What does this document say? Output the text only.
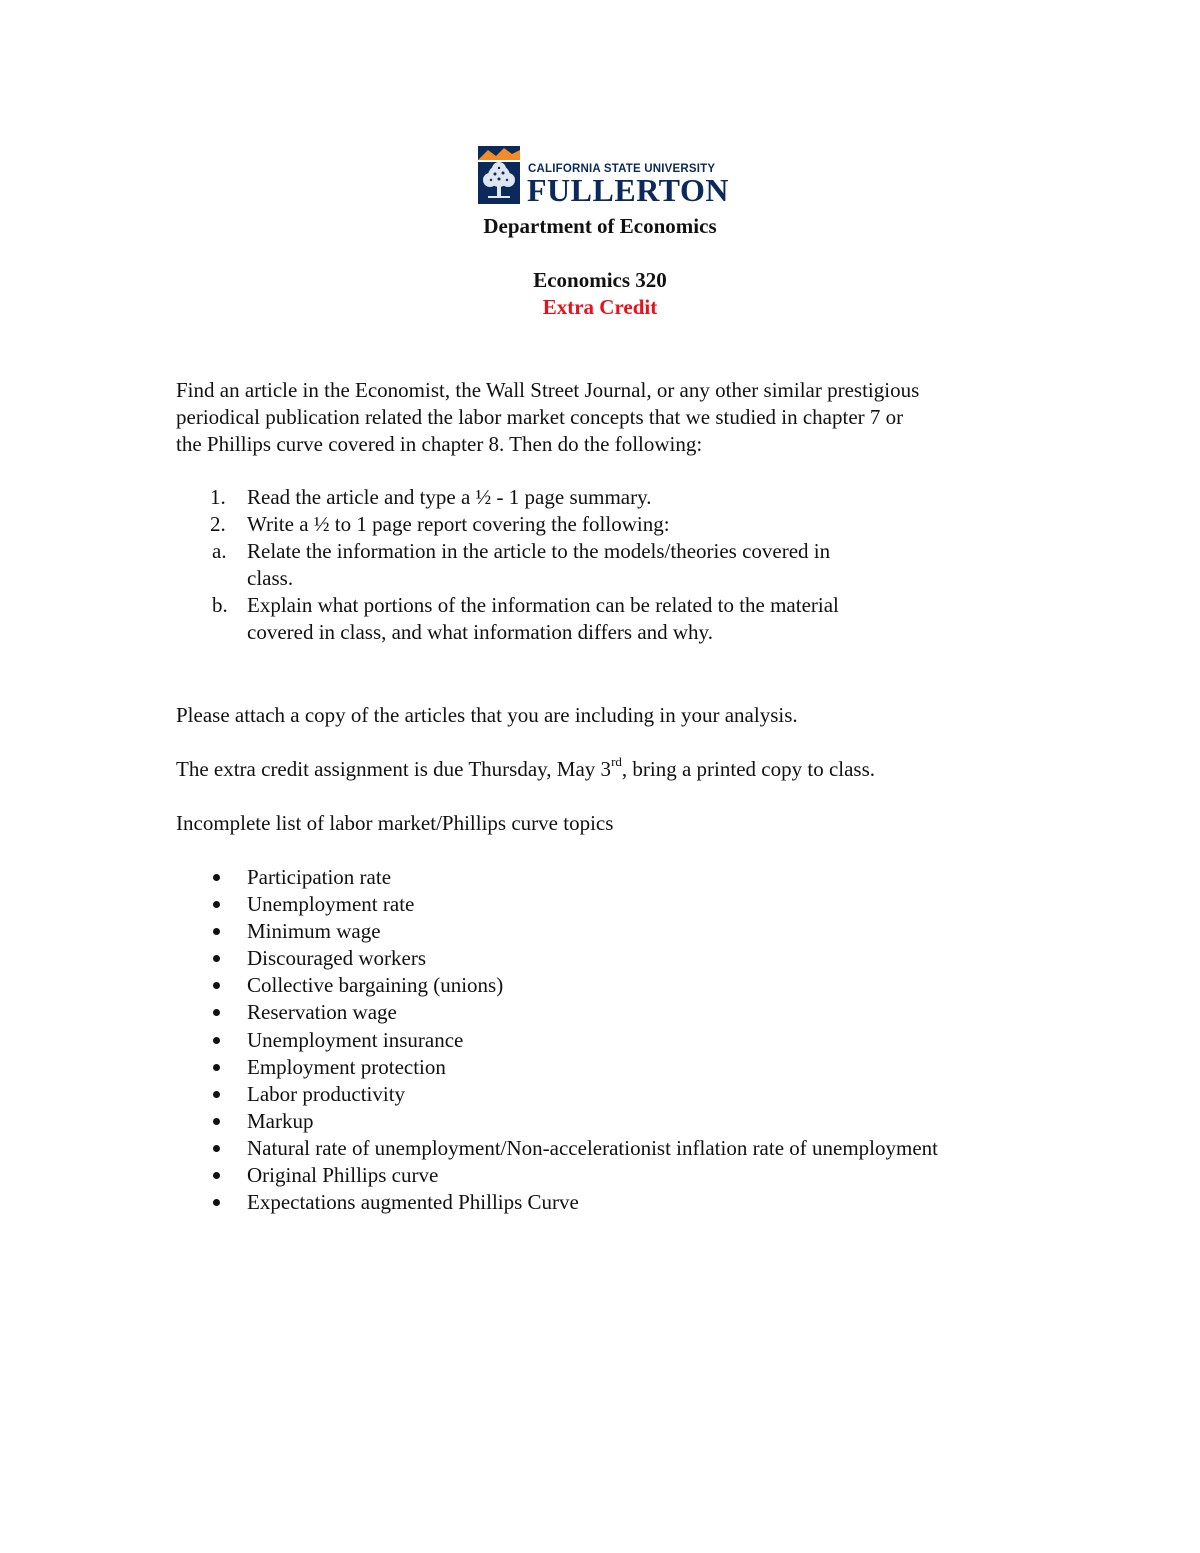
CALIFORNIA STATE UNIVERSITY
FULLERTON
Department of Economics
Economics 320
Extra Credit
Find an article in the Economist, the Wall Street Journal, or any other similar prestigious
periodical publication related the labor market concepts that we studied in chapter 7 or
the Phillips curve covered in chapter 8. Then do the following:
1. Read the article and type a ½ - 1 page summary.
2. Write a ½ to 1 page report covering the following:
a. Relate the information in the article to the models/theories covered in
class.
b. Explain what portions of the information can be related to the material
covered in class, and what information differs and why.
Please attach a copy of the articles that you are including in your analysis.
The extra credit assignment is due Thursday, May 3rd, bring a printed copy to class.
Incomplete list of labor market/Phillips curve topics
Participation rate
Unemployment rate
Minimum wage
Discouraged workers
Collective bargaining (unions)
Reservation wage
Unemployment insurance
Employment protection
Labor productivity
Markup
Natural rate of unemployment/Non-accelerationist inflation rate of unemployment
Original Phillips curve
Expectations augmented Phillips Curve
